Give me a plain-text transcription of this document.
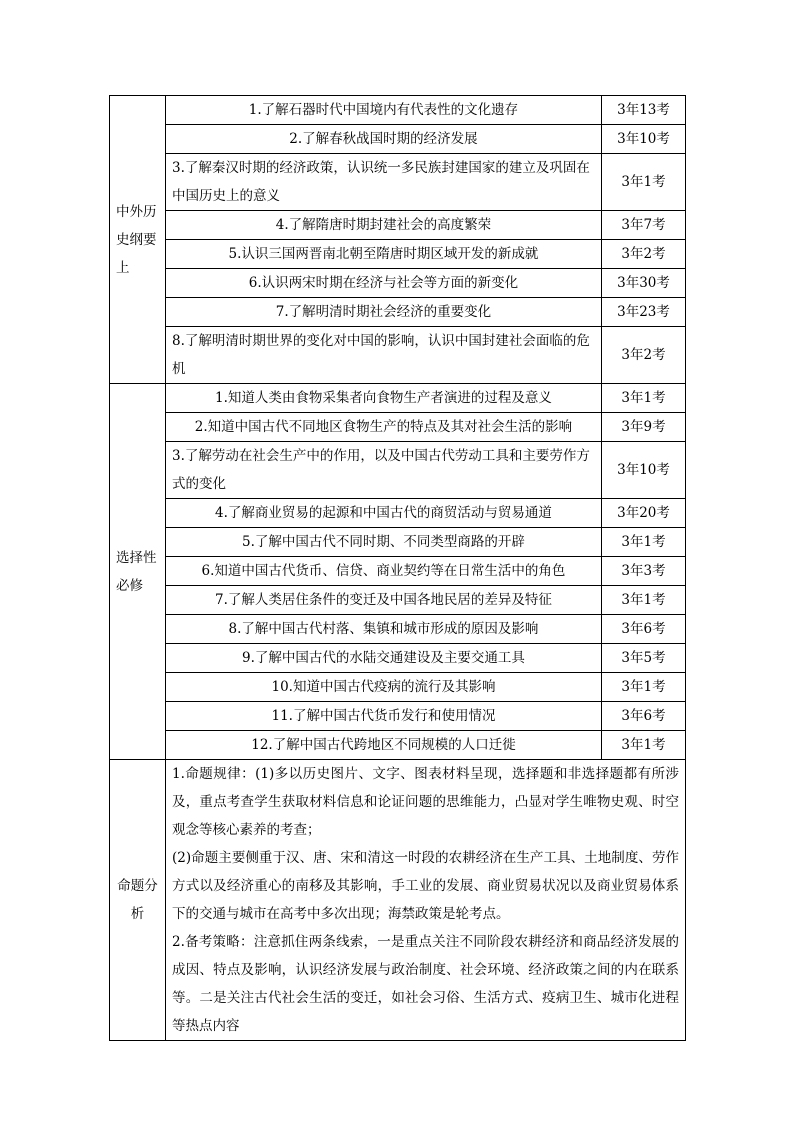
中外历史纲要上	1.了解石器时代中国境内有代表性的文化遗存	3年13考
	2.了解春秋战国时期的经济发展	3年10考
	3.了解秦汉时期的经济政策，认识统一多民族封建国家的建立及巩固在中国历史上的意义	3年1考
	4.了解隋唐时期封建社会的高度繁荣	3年7考
	5.认识三国两晋南北朝至隋唐时期区域开发的新成就	3年2考
	6.认识两宋时期在经济与社会等方面的新变化	3年30考
	7.了解明清时期社会经济的重要变化	3年23考
	8.了解明清时期世界的变化对中国的影响，认识中国封建社会面临的危机	3年2考
选择性必修	1.知道人类由食物采集者向食物生产者演进的过程及意义	3年1考
	2.知道中国古代不同地区食物生产的特点及其对社会生活的影响	3年9考
	3.了解劳动在社会生产中的作用，以及中国古代劳动工具和主要劳作方式的变化	3年10考
	4.了解商业贸易的起源和中国古代的商贸活动与贸易通道	3年20考
	5.了解中国古代不同时期、不同类型商路的开辟	3年1考
	6.知道中国古代货币、信贷、商业契约等在日常生活中的角色	3年3考
	7.了解人类居住条件的变迁及中国各地民居的差异及特征	3年1考
	8.了解中国古代村落、集镇和城市形成的原因及影响	3年6考
	9.了解中国古代的水陆交通建设及主要交通工具	3年5考
	10.知道中国古代疫病的流行及其影响	3年1考
	11.了解中国古代货币发行和使用情况	3年6考
	12.了解中国古代跨地区不同规模的人口迁徙	3年1考
命题分析	1.命题规律：(1)多以历史图片、文字、图表材料呈现，选择题和非选择题都有所涉及，重点考查学生获取材料信息和论证问题的思维能力，凸显对学生唯物史观、时空观念等核心素养的考查；

(2)命题主要侧重于汉、唐、宋和清这一时段的农耕经济在生产工具、土地制度、劳作方式以及经济重心的南移及其影响，手工业的发展、商业贸易状况以及商业贸易体系下的交通与城市在高考中多次出现；海禁政策是轮考点。

2.备考策略：注意抓住两条线索，一是重点关注不同阶段农耕经济和商品经济发展的成因、特点及影响，认识经济发展与政治制度、社会环境、经济政策之间的内在联系等。二是关注古代社会生活的变迁，如社会习俗、生活方式、疫病卫生、城市化进程等热点内容	
